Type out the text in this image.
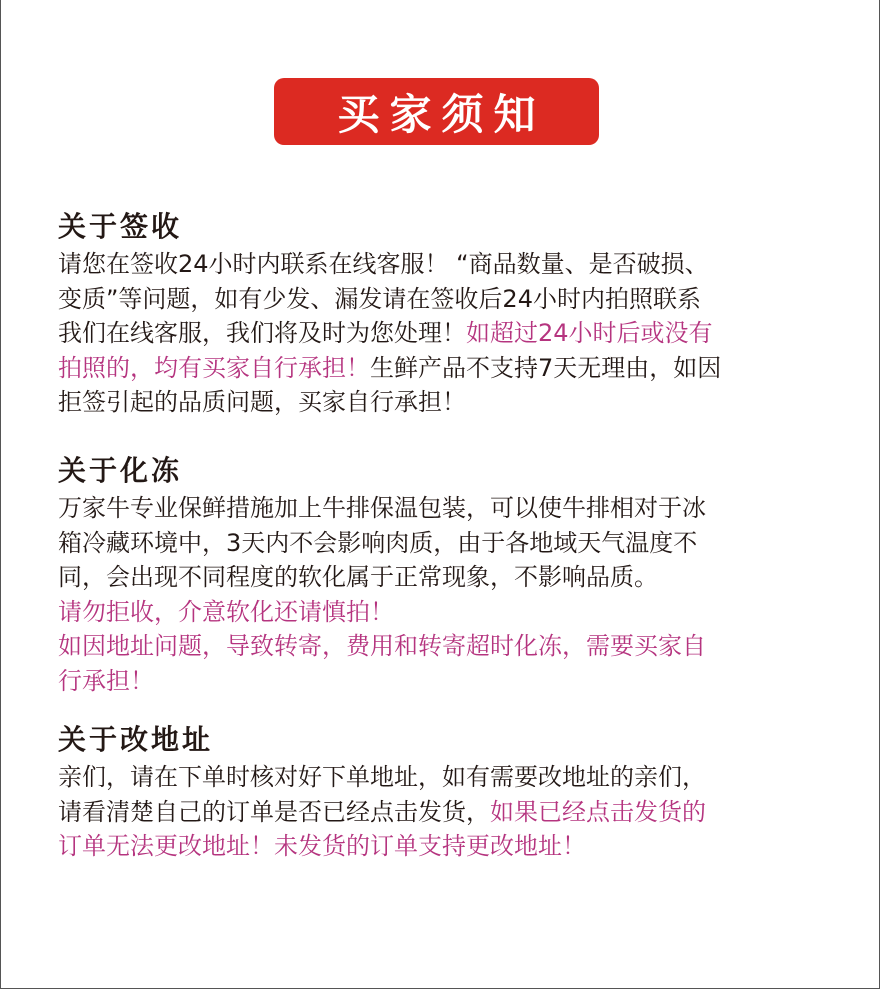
买家须知
关于签收
请您在签收24小时内联系在线客服！ “商品数量、是否破损、
变质”等问题，如有少发、漏发请在签收后24小时内拍照联系
我们在线客服，我们将及时为您处理！如超过24小时后或没有
拍照的，均有买家自行承担！生鲜产品不支持7天无理由，如因
拒签引起的品质问题，买家自行承担！
关于化冻
万家牛专业保鲜措施加上牛排保温包装，可以使牛排相对于冰
箱冷藏环境中，3天内不会影响肉质，由于各地域天气温度不
同，会出现不同程度的软化属于正常现象，不影响品质。
请勿拒收，介意软化还请慎拍！
如因地址问题，导致转寄，费用和转寄超时化冻，需要买家自
行承担！
关于改地址
亲们，请在下单时核对好下单地址，如有需要改地址的亲们，
请看清楚自己的订单是否已经点击发货，如果已经点击发货的
订单无法更改地址！未发货的订单支持更改地址！
